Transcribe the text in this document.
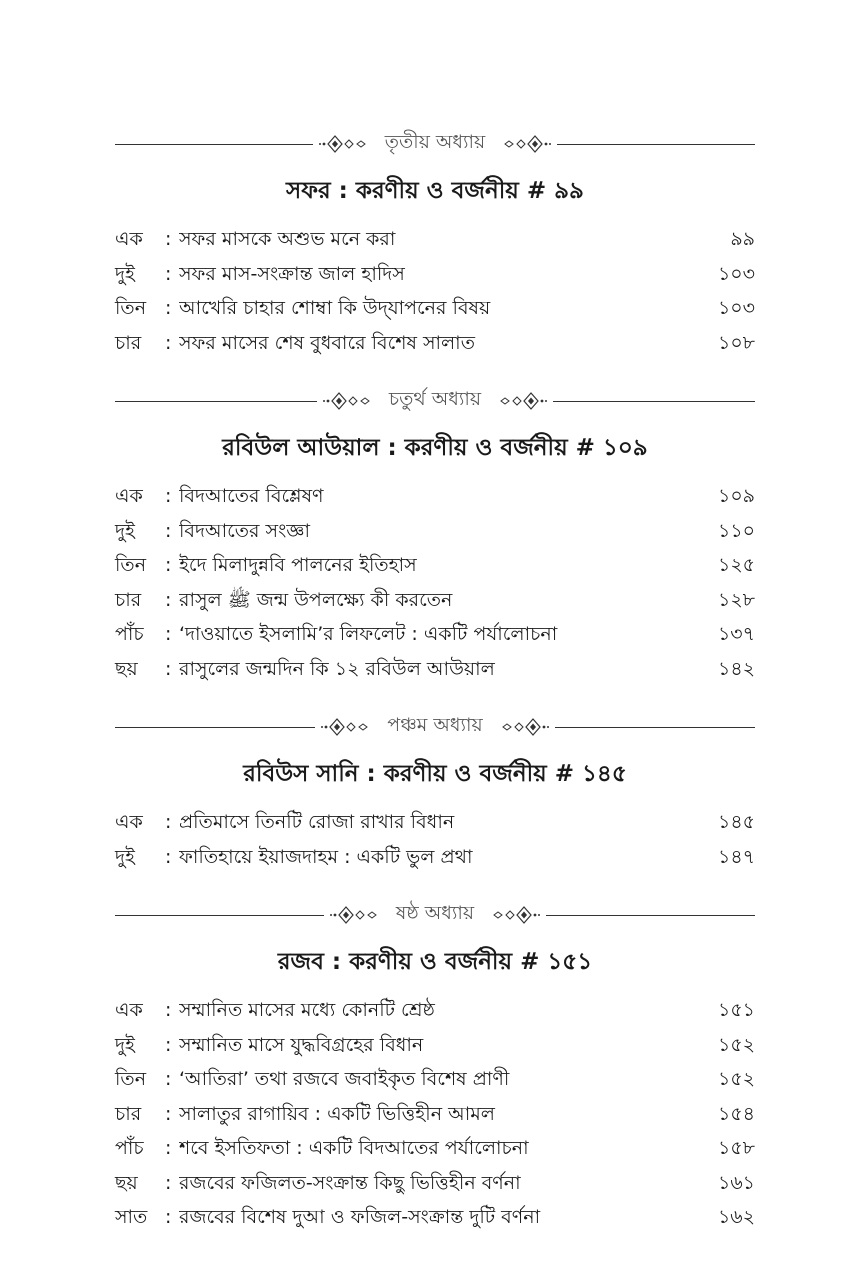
তৃতীয় অধ্যায়
সফর : করণীয় ও বর্জনীয় # ৯৯
এক	: সফর মাসকে অশুভ মনে করা	৯৯
দুই	: সফর মাস-সংক্রান্ত জাল হাদিস	১০৩
তিন : আখেরি চাহার শোম্বা কি উদ্‌যাপনের বিষয়	১০৩
চার	: সফর মাসের শেষ বুধবারে বিশেষ সালাত	১০৮
চতুর্থ অধ্যায়
রবিউল আউয়াল : করণীয় ও বর্জনীয় # ১০৯
এক	: বিদআতের বিশ্লেষণ	১০৯
দুই	: বিদআতের সংজ্ঞা	১১০
তিন : ইদে মিলাদুন্নবি পালনের ইতিহাস	১২৫
চার	: রাসুল ﷺ জন্ম উপলক্ষ্যে কী করতেন	১২৮
পাঁচ	: ‘দাওয়াতে ইসলামি’র লিফলেট : একটি পর্যালোচনা	১৩৭
ছয়	: রাসুলের জন্মদিন কি ১২ রবিউল আউয়াল	১৪২
পঞ্চম অধ্যায়
রবিউস সানি : করণীয় ও বর্জনীয় # ১৪৫
এক	: প্রতিমাসে তিনটি রোজা রাখার বিধান	১৪৫
দুই	: ফাতিহায়ে ইয়াজদাহম : একটি ভুল প্রথা	১৪৭
ষষ্ঠ অধ্যায়
রজব : করণীয় ও বর্জনীয় # ১৫১
এক	: সম্মানিত মাসের মধ্যে কোনটি শ্রেষ্ঠ	১৫১
দুই	: সম্মানিত মাসে যুদ্ধবিগ্রহের বিধান	১৫২
তিন : ‘আতিরা’ তথা রজবে জবাইকৃত বিশেষ প্রাণী	১৫২
চার	: সালাতুর রাগায়িব : একটি ভিত্তিহীন আমল	১৫৪
পাঁচ	: শবে ইসতিফতা : একটি বিদআতের পর্যালোচনা	১৫৮
ছয়	: রজবের ফজিলত-সংক্রান্ত কিছু ভিত্তিহীন বর্ণনা	১৬১
সাত : রজবের বিশেষ দুআ ও ফজিল-সংক্রান্ত দুটি বর্ণনা	১৬২
